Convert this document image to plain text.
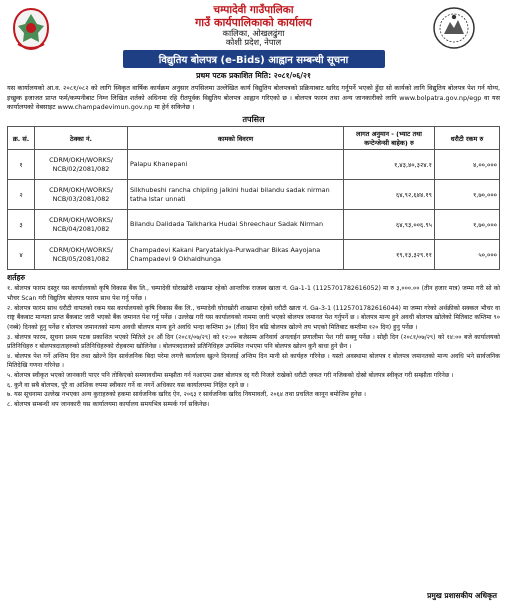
चम्पादेवी गाउँपालिका
गाउँ कार्यपालिकाको कार्यालय
कालिका, ओखलढुंगा
कोशी प्रदेश, नेपाल
विद्युतिय बोलपत्र (e-Bids) आह्वान सम्बन्धी सूचना
प्रथम पटक प्रकाशित मिति: २०८१/०६/२१
यस कार्यालयको आ.व. २०८१/०८२ को लागि स्विकृत वार्षिक कार्यक्रम अनुसार तपसिलमा उल्लेखित कार्य विद्युतिय बोलपत्रको प्रक्रियाबाट खरिद गर्नुपर्ने भएको हुँदा सो कार्यको लागि विद्युतिय बोलपत्र पेश गर्न योग्य, इच्छुक इजाजत प्राप्त फर्म/कम्पनीबाट निम्न लिखित शर्तको अधिनमा रहि रीतपूर्वक विद्युतिय बोलपत्र आह्वान गरिएको छ । बोलपत्र फारम तथा अन्य जानकारीको लागि www.bolpatra.gov.np/egp वा यस कार्यालयको वेबसाइट www.champadevimun.gov.np मा हेर्न सकिनेछ ।
तपसिल
क्र. सं.	ठेक्का नं.	कामको विवरण	लागत अनुमान - (भ्याट तथा कन्टेन्जेन्सी बाहेक) रु	धरौटी रकम रु
१	CDRM/OKH/WORKS/ NCB/02/2081/082	Palapu Khanepani	१,४३,४०,३२४.१	४,००,०००
२	CDRM/OKH/WORKS/ NCB/03/2081/082	Silkhubeshi rancha chipling jalkini hudai bilandu sadak nirman tatha Istar unnati	६४,९२,६४४.१९	१,७०,०००
३	CDRM/OKH/WORKS/ NCB/04/2081/082	Bilandu Dalidada Talkharka Hudai Shreechaur Sadak Nirman	६४,९३,००६.९५	१,७०,०००
४	CDRM/OKH/WORKS/ NCB/05/2081/082	Champadevi Kakani Paryatakiya-Purwadhar Bikas Aayojana Champadevi 9 Okhaldhunga	१९,१३,३२९.११	५०,०००
शर्तहरु
१. बोलपत्र फारम दस्तुर यस कार्यालयको कृषि विकास बैंक लि., चम्पादेवी घोराखोरी शाखामा रहेको आन्तरिक राजस्व खाता नं. Ga-1-1 (1125701782616052) मा रु ३,०००.०० (तीन हजार मात्र) जम्मा गरी सो को भौचर Scan गरी विद्युतिय बोलपत्र फारम साथ पेश गर्नु पर्नेछ ।
२. बोलपत्र फारम साथ धरौटी वापतको रकम यस कार्यालयको कृषि विकास बैंक लि., चम्पादेवी घोराखोरी शाखामा रहेको धरौटी खाता नं. Ga-3-1 (1125701782616044) मा जम्मा गरेको अर्थक्रीको सक्कल भौचर वा राष्ट्र बैंकबाट मान्यता प्राप्त बैंकबाट जारी भएको बैंक जमानत पेश गर्नु पर्नेछ । उल्लेख गरी यस कार्यालयको नाममा जारी भएको बोलपत्र जमानत पेश गर्नुपर्ने छ । बोलपत्र मान्य हुने अवधी बोलपत्र खोलेको मितिबाट कम्तिमा ९० (नब्बे) दिनको हुनु पर्नेछ र बोलपत्र जमानतको मान्य अवधी बोलपत्र मान्य हुने अवधि भन्दा कम्तिमा ३० (तीस) दिन बढि बोलपत्र खोल्ने तय भएको मितिबाट कम्तीमा १२० दिन) हुनु पर्नेछ ।
३. बोलपत्र फारम, सूचना प्रथम पटक प्रकाशित भएको मितिले ३१ औं दिन (२०८१/०७/२९) को १२:०० बजेसम्म अनिवार्य अनलाईन प्रणालीमा पेश गरी सक्नु पर्नेछ । सोही दिन (२०८१/०७/२९) को १४:०० बजे कार्यालयको प्रतिनिधिहरु र बोलपत्रदाताहरुको प्रतिनिधिहरुको रोहबरमा खोलिनेछ । बोलपत्रदाताको प्रतिनिधिहरु उपस्थित नभएमा पनि बोलपत्र खोल्न कुनै बाधा हुने छैन ।
४. बोलपत्र पेश गर्ने अन्तिम दिन तथा खोल्ने दिन सार्वजनिक बिदा परेमा लगत्तै कार्यालय खुल्ने दिनलाई अन्तिम दिन मानी सो कार्यहरु गरिनेछ । यस्तो अवस्थामा बोलपत्र र बोलपत्र जमानतको मान्य अवधि भने सार्वजनिक मितिदेखि गणना गरिनेछ ।
५. बोलपत्र स्वीकृत भएको जानकारी पाएर पनि तोकिएको समयावधीमा सम्झौता गर्न नआएमा उक्त बोलपत्र रद्द गरी निजले राखेको धरौटी जफत गरी नजिकको दोस्रो बोलपत्र स्वीकृत गरी सम्झौता गरिनेछ ।
६. कुनै वा सबै बोलपत्र, पूरै वा आंशिक रुपमा स्वीकार गर्ने वा नगर्ने अधिकार यस कार्यालयमा निहित रहने छ ।
७. यस सूचनामा उल्लेख नभएका अन्य कुराहरुको हकमा सार्वजनिक खरिद ऐन, २०६३ र सार्वजनिक खरिद नियमावली, २०६४ तथा प्रचलित कानून बमोजिम हुनेछ ।
८. बोलपत्र सम्बन्धी थप जानकारी यस कार्यालयमा कार्यालय समयभित्र सम्पर्क गर्न सकिनेछ।
प्रमुख प्रशासकीय अधिकृत
